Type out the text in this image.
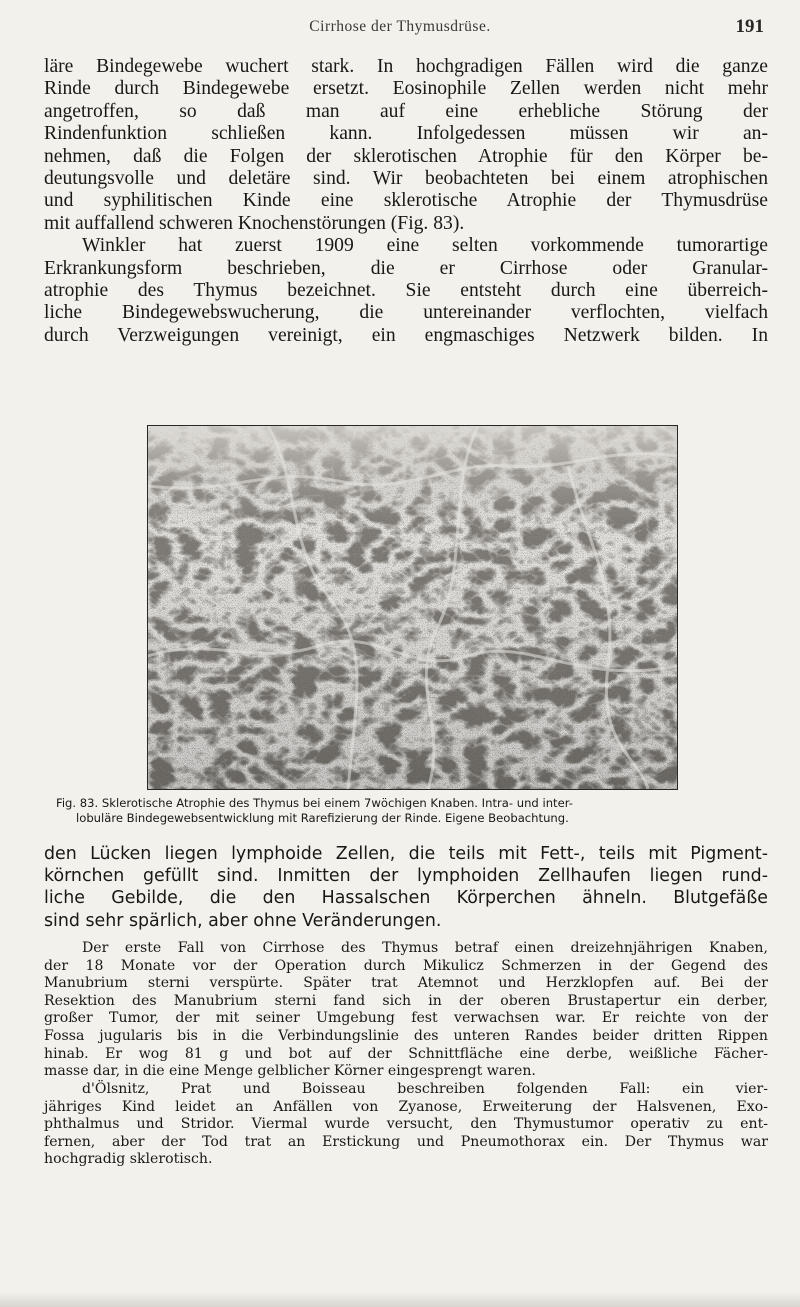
Cirrhose der Thymusdrüse.	191
läre Bindegewebe wuchert stark. In hochgradigen Fällen wird die ganze
Rinde durch Bindegewebe ersetzt. Eosinophile Zellen werden nicht mehr
angetroffen, so daß man auf eine erhebliche Störung der
Rindenfunktion schließen kann. Infolgedessen müssen wir an-
nehmen, daß die Folgen der sklerotischen Atrophie für den Körper be-
deutungsvolle und deletäre sind. Wir beobachteten bei einem atrophischen
und syphilitischen Kinde eine sklerotische Atrophie der Thymusdrüse
mit auffallend schweren Knochenstörungen (Fig. 83).
Winkler hat zuerst 1909 eine selten vorkommende tumorartige
Erkrankungsform beschrieben, die er Cirrhose oder Granular-
atrophie des Thymus bezeichnet. Sie entsteht durch eine überreich-
liche Bindegewebswucherung, die untereinander verflochten, vielfach
durch Verzweigungen vereinigt, ein engmaschiges Netzwerk bilden. In
Fig. 83. Sklerotische Atrophie des Thymus bei einem 7wöchigen Knaben. Intra- und inter-
lobuläre Bindegewebsentwicklung mit Rarefizierung der Rinde. Eigene Beobachtung.
den Lücken liegen lymphoide Zellen, die teils mit Fett-, teils mit Pigment-
körnchen gefüllt sind. Inmitten der lymphoiden Zellhaufen liegen rund-
liche Gebilde, die den Hassalschen Körperchen ähneln. Blutgefäße
sind sehr spärlich, aber ohne Veränderungen.
Der erste Fall von Cirrhose des Thymus betraf einen dreizehnjährigen Knaben,
der 18 Monate vor der Operation durch Mikulicz Schmerzen in der Gegend des
Manubrium sterni verspürte. Später trat Atemnot und Herzklopfen auf. Bei der
Resektion des Manubrium sterni fand sich in der oberen Brustapertur ein derber,
großer Tumor, der mit seiner Umgebung fest verwachsen war. Er reichte von der
Fossa jugularis bis in die Verbindungslinie des unteren Randes beider dritten Rippen
hinab. Er wog 81 g und bot auf der Schnittfläche eine derbe, weißliche Fächer-
masse dar, in die eine Menge gelblicher Körner eingesprengt waren.
d'Ölsnitz, Prat und Boisseau beschreiben folgenden Fall: ein vier-
jähriges Kind leidet an Anfällen von Zyanose, Erweiterung der Halsvenen, Exo-
phthalmus und Stridor. Viermal wurde versucht, den Thymustumor operativ zu ent-
fernen, aber der Tod trat an Erstickung und Pneumothorax ein. Der Thymus war
hochgradig sklerotisch.
